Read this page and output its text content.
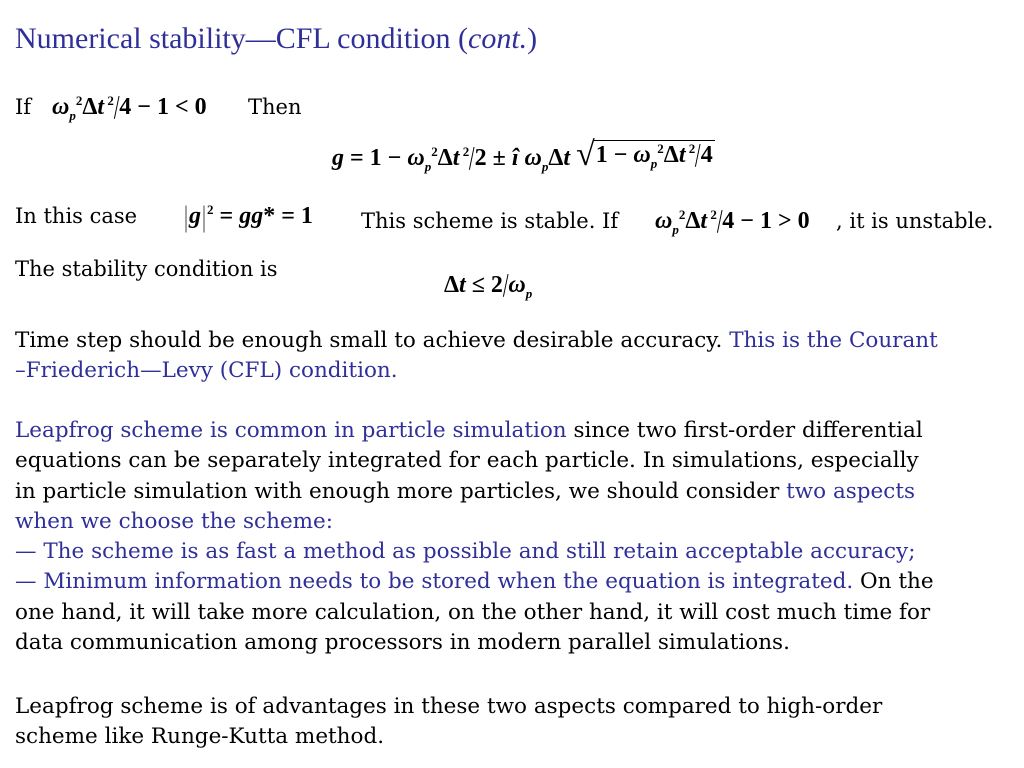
Numerical stability—CFL condition (cont.)
If $\omega_p^2\Delta t$ $^2$/4 − 1 < 0 Then
$g = 1 - \omega_p^2\Delta t$ $^2$/2 ± î $\omega_p\Delta t$ √ $1 - \omega_p^2\Delta t$ $^2$/4
In this case |g| $^2$ = gg* = 1 This scheme is stable. If $\omega_p^2\Delta t$ $^2$/4 − 1 > 0 , it is unstable.
The stability condition is
$\Delta t \le 2/\omega_p$
Time step should be enough small to achieve desirable accuracy. This is the Courant
–Friederich—Levy (CFL) condition.
Leapfrog scheme is common in particle simulation since two first-order differential
equations can be separately integrated for each particle. In simulations, especially
in particle simulation with enough more particles, we should consider two aspects
when we choose the scheme:
— The scheme is as fast a method as possible and still retain acceptable accuracy;
— Minimum information needs to be stored when the equation is integrated. On the
one hand, it will take more calculation, on the other hand, it will cost much time for
data communication among processors in modern parallel simulations.
Leapfrog scheme is of advantages in these two aspects compared to high-order
scheme like Runge-Kutta method.
